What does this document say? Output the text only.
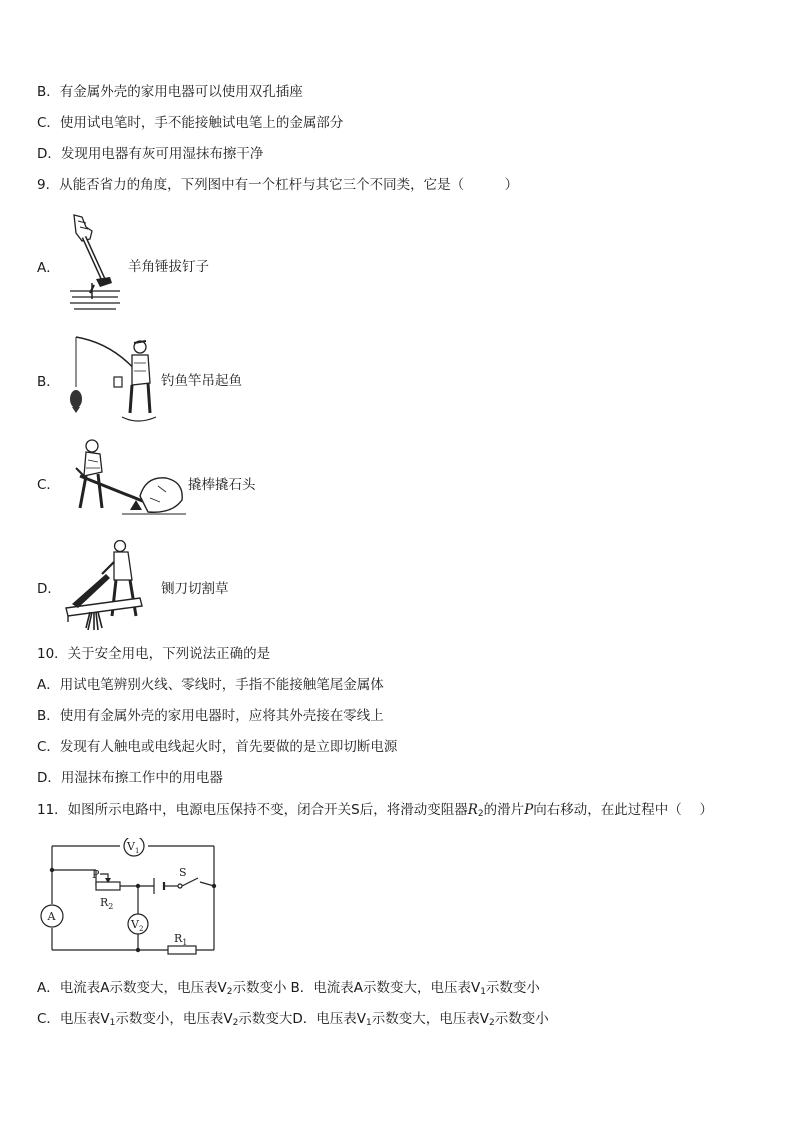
B．有金属外壳的家用电器可以使用双孔插座
C．使用试电笔时，手不能接触试电笔上的金属部分
D．发现用电器有灰可用湿抹布擦干净
9．从能否省力的角度，下列图中有一个杠杆与其它三个不同类，它是（　　　）
A．	羊角锤拔钉子
B．	钓鱼竿吊起鱼
C．	撬棒撬石头
D．	铡刀切割草
10．关于安全用电，下列说法正确的是
A．用试电笔辨别火线、零线时，手指不能接触笔尾金属体
B．使用有金属外壳的家用电器时，应将其外壳接在零线上
C．发现有人触电或电线起火时，首先要做的是立即切断电源
D．用湿抹布擦工作中的用电器
11．如图所示电路中，电源电压保持不变，闭合开关S后，将滑动变阻器$R_2$的滑片P向右移动，在此过程中（　 ）
P
$R_2$
$R_1$
S
$V_1$
$V_2$
A
A．电流表A示数变大，电压表$V_2$示数变小 B．电流表A示数变大，电压表$V_1$示数变小
C．电压表$V_1$示数变小，电压表$V_2$示数变大D．电压表$V_1$示数变大，电压表$V_2$示数变小
